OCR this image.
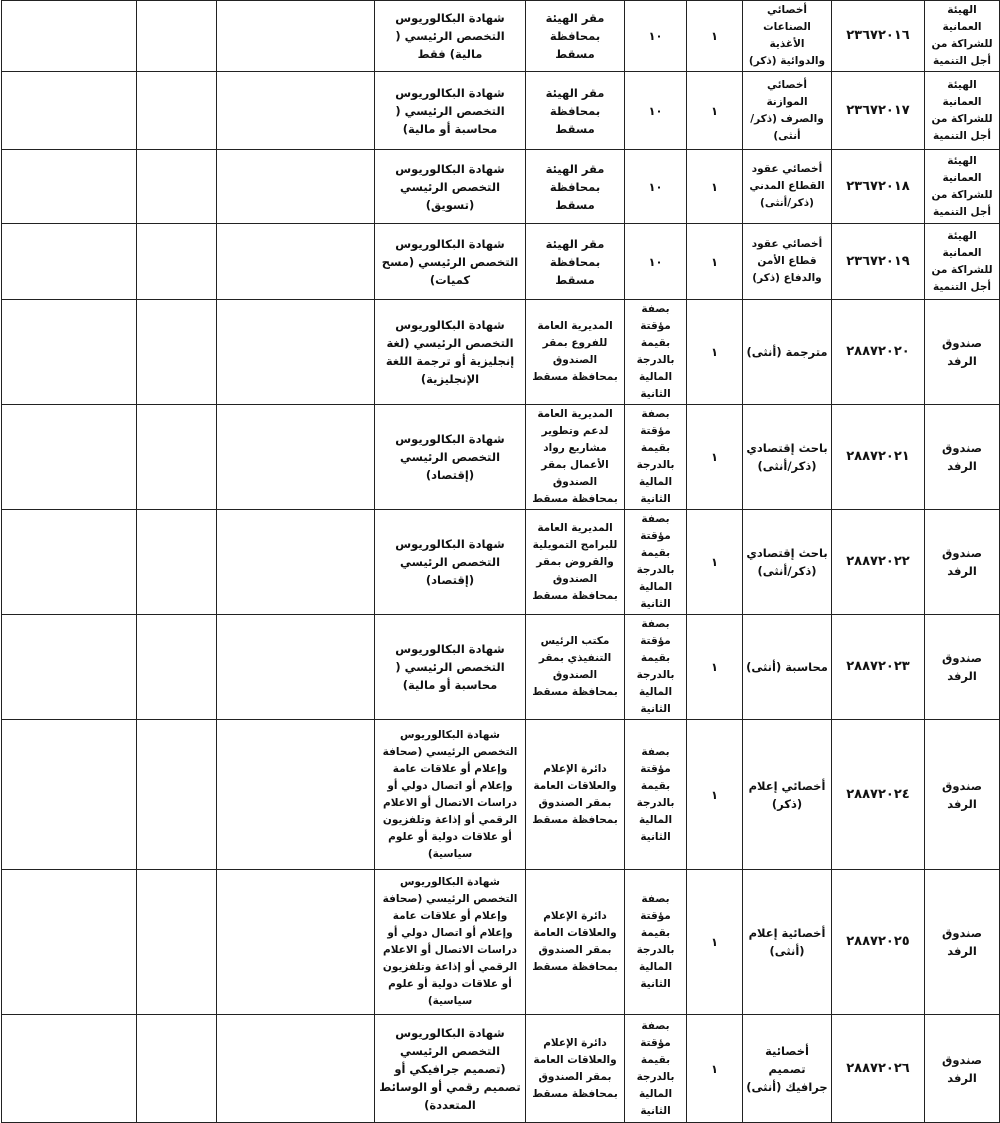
الهيئة العمانية للشراكة من أجل التنمية	٢٣٦٧٢٠١٦	أخصائي الصناعات الأغذية والدوائية (ذكر)	١	١٠	مقر الهيئة بمحافظة مسقط	شهادة البكالوريوس التخصص الرئيسي ( مالية) فقط			
الهيئة العمانية للشراكة من أجل التنمية	٢٣٦٧٢٠١٧	أخصائي الموازنة والصرف (ذكر/أنثى)	١	١٠	مقر الهيئة بمحافظة مسقط	شهادة البكالوريوس التخصص الرئيسي ( محاسبة أو مالية)			
الهيئة العمانية للشراكة من أجل التنمية	٢٣٦٧٢٠١٨	أخصائي عقود القطاع المدني (ذكر/أنثى)	١	١٠	مقر الهيئة بمحافظة مسقط	شهادة البكالوريوس التخصص الرئيسي (تسويق)			
الهيئة العمانية للشراكة من أجل التنمية	٢٣٦٧٢٠١٩	أخصائي عقود قطاع الأمن والدفاع (ذكر)	١	١٠	مقر الهيئة بمحافظة مسقط	شهادة البكالوريوس التخصص الرئيسي (مسح كميات)			
صندوق الرفد	٢٨٨٧٢٠٢٠	مترجمة (أنثى)	١	بصفة مؤقتة بقيمة بالدرجة المالية الثانية	المديرية العامة للفروع بمقر الصندوق بمحافظة مسقط	شهادة البكالوريوس التخصص الرئيسي (لغة إنجليزية أو ترجمة اللغة الإنجليزية)			
صندوق الرفد	٢٨٨٧٢٠٢١	باحث إقتصادي (ذكر/أنثى)	١	بصفة مؤقتة بقيمة بالدرجة المالية الثانية	المديرية العامة لدعم وتطوير مشاريع رواد الأعمال بمقر الصندوق بمحافظة مسقط	شهادة البكالوريوس التخصص الرئيسي (إقتصاد)			
صندوق الرفد	٢٨٨٧٢٠٢٢	باحث إقتصادي (ذكر/أنثى)	١	بصفة مؤقتة بقيمة بالدرجة المالية الثانية	المديرية العامة للبرامج التمويلية والقروض بمقر الصندوق بمحافظة مسقط	شهادة البكالوريوس التخصص الرئيسي (إقتصاد)			
صندوق الرفد	٢٨٨٧٢٠٢٣	محاسبة (أنثى)	١	بصفة مؤقتة بقيمة بالدرجة المالية الثانية	مكتب الرئيس التنفيذي بمقر الصندوق بمحافظة مسقط	شهادة البكالوريوس التخصص الرئيسي ( محاسبة أو مالية)			
صندوق الرفد	٢٨٨٧٢٠٢٤	أخصائي إعلام (ذكر)	١	بصفة مؤقتة بقيمة بالدرجة المالية الثانية	دائرة الإعلام والعلاقات العامة بمقر الصندوق بمحافظة مسقط	شهادة البكالوريوس التخصص الرئيسي (صحافة وإعلام أو علاقات عامة وإعلام أو اتصال دولي أو دراسات الاتصال أو الاعلام الرقمي أو إذاعة وتلفزيون أو علاقات دولية أو علوم سياسية)			
صندوق الرفد	٢٨٨٧٢٠٢٥	أخصائية إعلام (أنثى)	١	بصفة مؤقتة بقيمة بالدرجة المالية الثانية	دائرة الإعلام والعلاقات العامة بمقر الصندوق بمحافظة مسقط	شهادة البكالوريوس التخصص الرئيسي (صحافة وإعلام أو علاقات عامة وإعلام أو اتصال دولي أو دراسات الاتصال أو الاعلام الرقمي أو إذاعة وتلفزيون أو علاقات دولية أو علوم سياسية)			
صندوق الرفد	٢٨٨٧٢٠٢٦	أخصائية تصميم جرافيك (أنثى)	١	بصفة مؤقتة بقيمة بالدرجة المالية الثانية	دائرة الإعلام والعلاقات العامة بمقر الصندوق بمحافظة مسقط	شهادة البكالوريوس التخصص الرئيسي (تصميم جرافيكي أو تصميم رقمي أو الوسائط المتعددة)			
